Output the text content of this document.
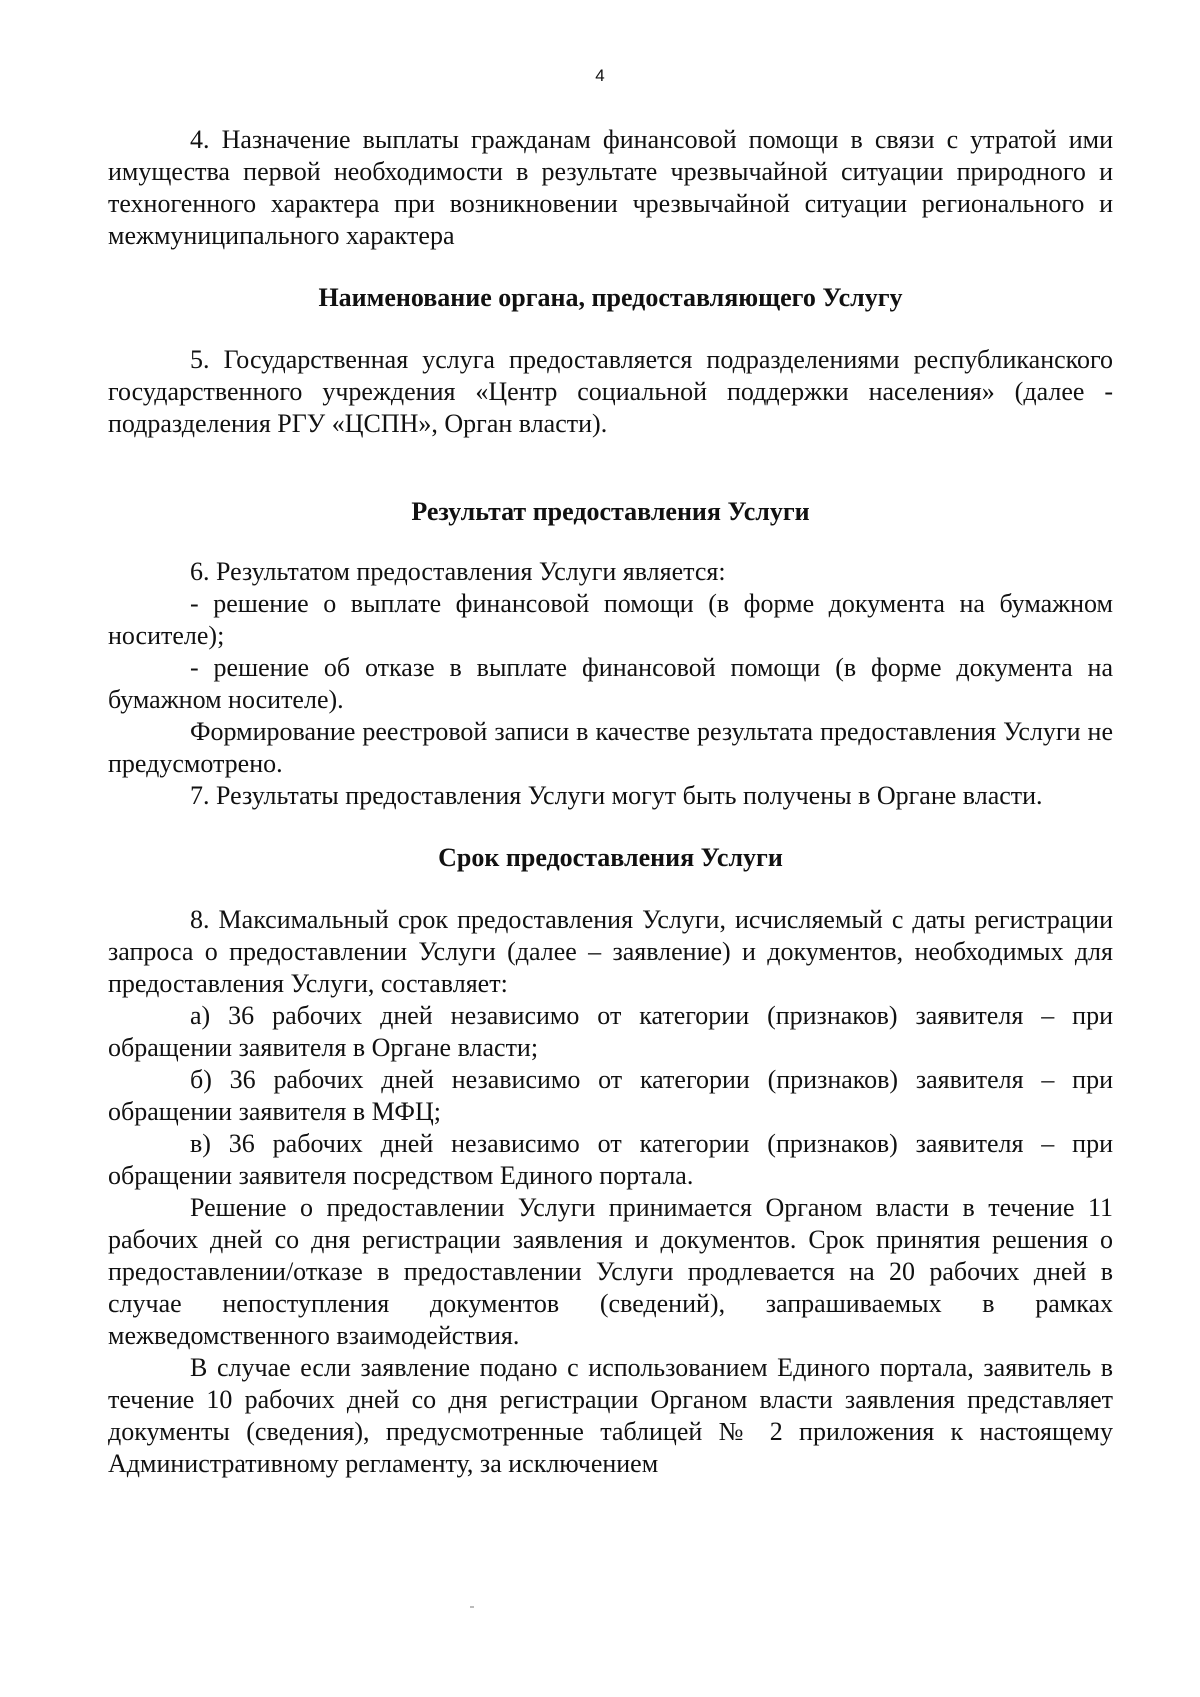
4

4. Назначение выплаты гражданам финансовой помощи в связи с утратой ими имущества первой необходимости в результате чрезвычайной ситуации природного и техногенного характера при возникновении чрезвычайной ситуации регионального и межмуниципального характера

Наименование органа, предоставляющего Услугу

5. Государственная услуга предоставляется подразделениями республиканского государственного учреждения «Центр социальной поддержки населения» (далее - подразделения РГУ «ЦСПН», Орган власти).

Результат предоставления Услуги

6. Результатом предоставления Услуги является:

- решение о выплате финансовой помощи (в форме документа на бумажном носителе);

- решение об отказе в выплате финансовой помощи (в форме документа на бумажном носителе).

Формирование реестровой записи в качестве результата предоставления Услуги не предусмотрено.

7. Результаты предоставления Услуги могут быть получены в Органе власти.

Срок предоставления Услуги

8. Максимальный срок предоставления Услуги, исчисляемый с даты регистрации запроса о предоставлении Услуги (далее – заявление) и документов, необходимых для предоставления Услуги, составляет:

а) 36 рабочих дней независимо от категории (признаков) заявителя – при обращении заявителя в Органе власти;

б) 36 рабочих дней независимо от категории (признаков) заявителя – при обращении заявителя в МФЦ;

в) 36 рабочих дней независимо от категории (признаков) заявителя – при обращении заявителя посредством Единого портала.

Решение о предоставлении Услуги принимается Органом власти в течение 11 рабочих дней со дня регистрации заявления и документов. Срок принятия решения о предоставлении/отказе в предоставлении Услуги продлевается на 20 рабочих дней в случае непоступления документов (сведений), запрашиваемых в рамках межведомственного взаимодействия.

В случае если заявление подано с использованием Единого портала, заявитель в течение 10 рабочих дней со дня регистрации Органом власти заявления представляет документы (сведения), предусмотренные таблицей № 2 приложения к настоящему Административному регламенту, за исключением
